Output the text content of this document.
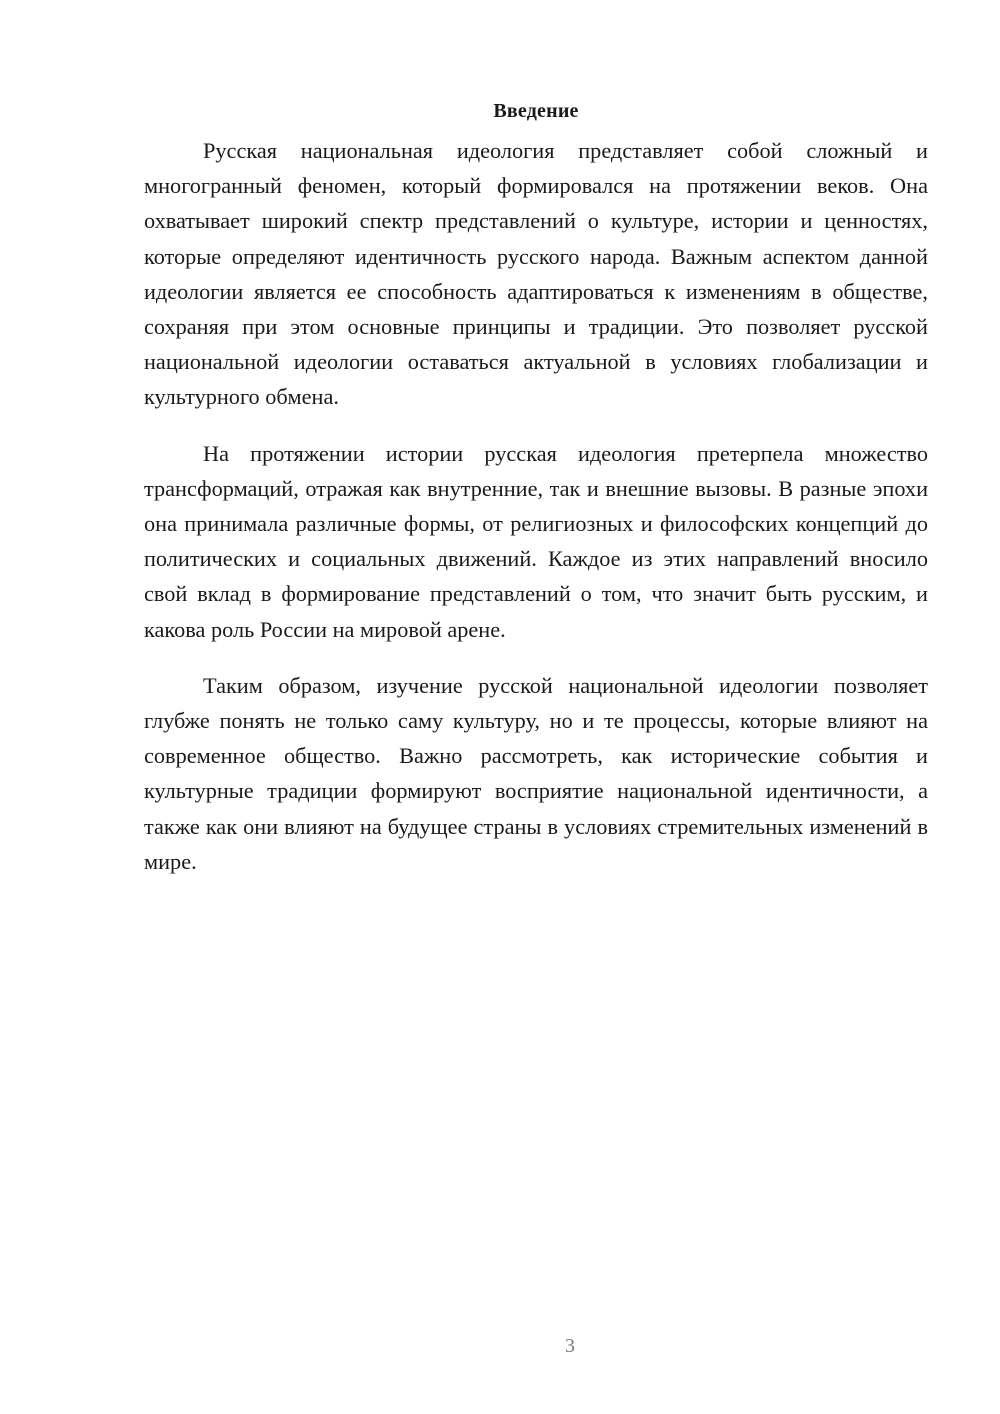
Введение

Русская национальная идеология представляет собой сложный и многогранный феномен, который формировался на протяжении веков. Она охватывает широкий спектр представлений о культуре, истории и ценностях, которые определяют идентичность русского народа. Важным аспектом данной идеологии является ее способность адаптироваться к изменениям в обществе, сохраняя при этом основные принципы и традиции. Это позволяет русской национальной идеологии оставаться актуальной в условиях глобализации и культурного обмена.

На протяжении истории русская идеология претерпела множество трансформаций, отражая как внутренние, так и внешние вызовы. В разные эпохи она принимала различные формы, от религиозных и философских концепций до политических и социальных движений. Каждое из этих направлений вносило свой вклад в формирование представлений о том, что значит быть русским, и какова роль России на мировой арене.

Таким образом, изучение русской национальной идеологии позволяет глубже понять не только саму культуру, но и те процессы, которые влияют на современное общество. Важно рассмотреть, как исторические события и культурные традиции формируют восприятие национальной идентичности, а также как они влияют на будущее страны в условиях стремительных изменений в мире.

3
